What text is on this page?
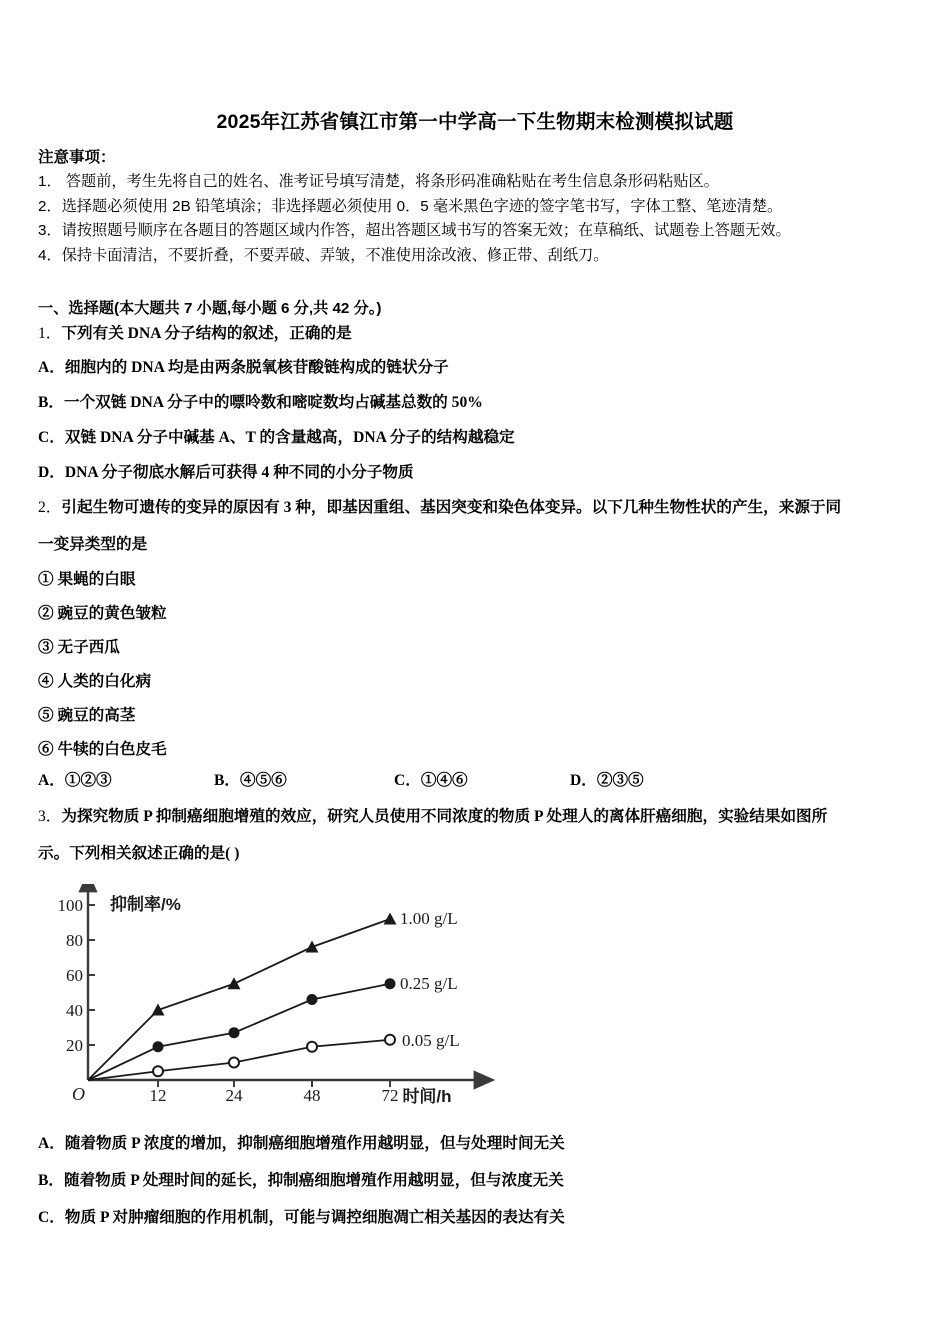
2025年江苏省镇江市第一中学高一下生物期末检测模拟试题
注意事项：
1． 答题前，考生先将自己的姓名、准考证号填写清楚，将条形码准确粘贴在考生信息条形码粘贴区。
2．选择题必须使用 2B 铅笔填涂；非选择题必须使用 0．5 毫米黑色字迹的签字笔书写，字体工整、笔迹清楚。
3．请按照题号顺序在各题目的答题区域内作答，超出答题区域书写的答案无效；在草稿纸、试题卷上答题无效。
4．保持卡面清洁，不要折叠，不要弄破、弄皱，不准使用涂改液、修正带、刮纸刀。
一、选择题(本大题共 7 小题,每小题 6 分,共 42 分。)
1．下列有关 DNA 分子结构的叙述，正确的是
A．细胞内的 DNA 均是由两条脱氧核苷酸链构成的链状分子
B．一个双链 DNA 分子中的嘌呤数和嘧啶数均占碱基总数的 50%
C．双链 DNA 分子中碱基 A、T 的含量越高，DNA 分子的结构越稳定
D．DNA 分子彻底水解后可获得 4 种不同的小分子物质
2．引起生物可遗传的变异的原因有 3 种，即基因重组、基因突变和染色体变异。以下几种生物性状的产生，来源于同
一变异类型的是
① 果蝇的白眼
② 豌豆的黄色皱粒
③ 无子西瓜
④ 人类的白化病
⑤ 豌豆的高茎
⑥ 牛犊的白色皮毛
A．①②③	B．④⑤⑥	C．①④⑥	D．②③⑤
3．为探究物质 P 抑制癌细胞增殖的效应，研究人员使用不同浓度的物质 P 处理人的离体肝癌细胞，实验结果如图所
示。下列相关叙述正确的是( )
100
80
60
40
20
O	12	24	48	72
抑制率/%
时间/h
1.00 g/L
0.25 g/L
0.05 g/L
A．随着物质 P 浓度的增加，抑制癌细胞增殖作用越明显，但与处理时间无关
B．随着物质 P 处理时间的延长，抑制癌细胞增殖作用越明显，但与浓度无关
C．物质 P 对肿瘤细胞的作用机制，可能与调控细胞凋亡相关基因的表达有关
